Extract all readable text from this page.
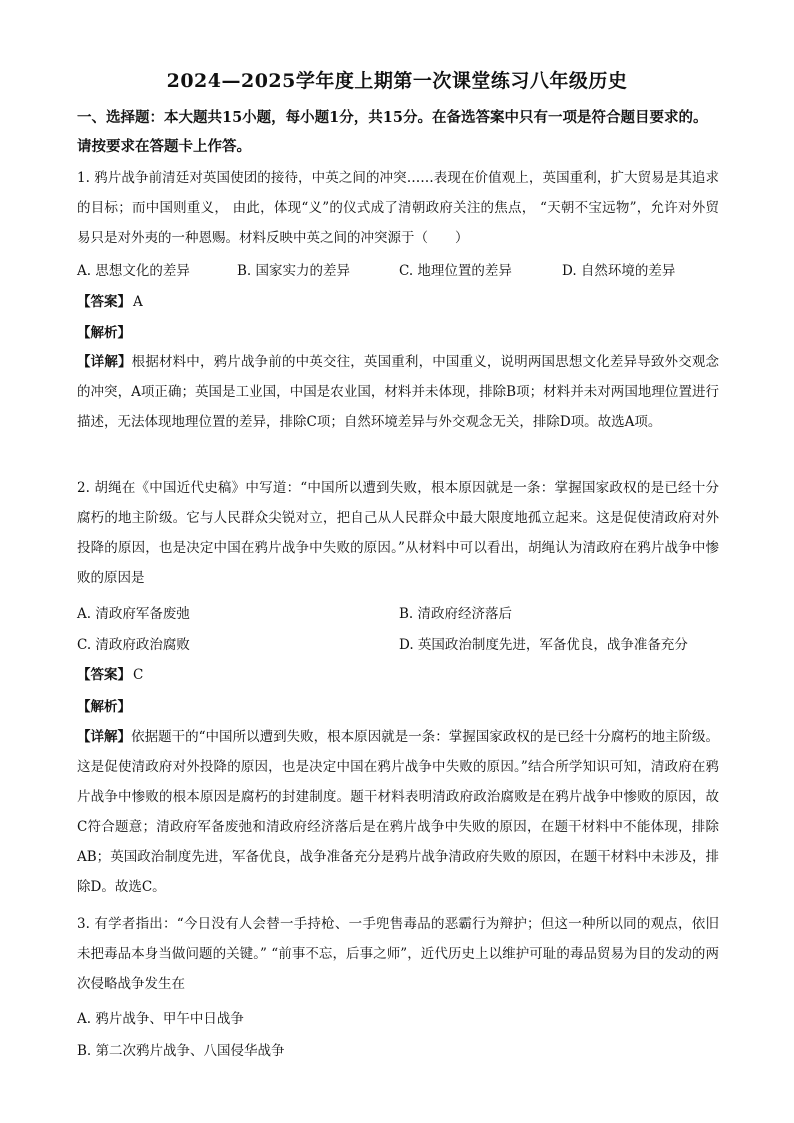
2024—2025学年度上期第一次课堂练习八年级历史
一、选择题：本大题共15小题，每小题1分，共15分。在备选答案中只有一项是符合题目要求的。请按要求在答题卡上作答。
1. 鸦片战争前清廷对英国使团的接待，中英之间的冲突……表现在价值观上，英国重利，扩大贸易是其追求的目标；而中国则重义， 由此，体现“义”的仪式成了清朝政府关注的焦点， “天朝不宝远物”，允许对外贸易只是对外夷的一种恩赐。材料反映中英之间的冲突源于（　　）
A. 思想文化的差异	B. 国家实力的差异	C. 地理位置的差异	D. 自然环境的差异
【答案】 A
【解析】
【详解】根据材料中，鸦片战争前的中英交往，英国重利，中国重义，说明两国思想文化差异导致外交观念的冲突，A项正确；英国是工业国，中国是农业国，材料并未体现，排除B项；材料并未对两国地理位置进行描述，无法体现地理位置的差异，排除C项；自然环境差异与外交观念无关，排除D项。故选A项。
2. 胡绳在《中国近代史稿》中写道：“中国所以遭到失败，根本原因就是一条：掌握国家政权的是已经十分腐朽的地主阶级。它与人民群众尖锐对立，把自己从人民群众中最大限度地孤立起来。这是促使清政府对外投降的原因，也是决定中国在鸦片战争中失败的原因。”从材料中可以看出，胡绳认为清政府在鸦片战争中惨败的原因是
A. 清政府军备废弛	B. 清政府经济落后
C. 清政府政治腐败	D. 英国政治制度先进，军备优良，战争准备充分
【答案】 C
【解析】
【详解】依据题干的“中国所以遭到失败，根本原因就是一条：掌握国家政权的是已经十分腐朽的地主阶级。这是促使清政府对外投降的原因，也是决定中国在鸦片战争中失败的原因。”结合所学知识可知，清政府在鸦片战争中惨败的根本原因是腐朽的封建制度。题干材料表明清政府政治腐败是在鸦片战争中惨败的原因，故C符合题意；清政府军备废弛和清政府经济落后是在鸦片战争中失败的原因，在题干材料中不能体现，排除AB；英国政治制度先进，军备优良，战争准备充分是鸦片战争清政府失败的原因，在题干材料中未涉及，排除D。故选C。
3. 有学者指出：“今日没有人会替一手持枪、一手兜售毒品的恶霸行为辩护；但这一种所以同的观点，依旧未把毒品本身当做问题的关键。” “前事不忘，后事之师”，近代历史上以维护可耻的毒品贸易为目的发动的两次侵略战争发生在
A. 鸦片战争、甲午中日战争
B. 第二次鸦片战争、八国侵华战争
